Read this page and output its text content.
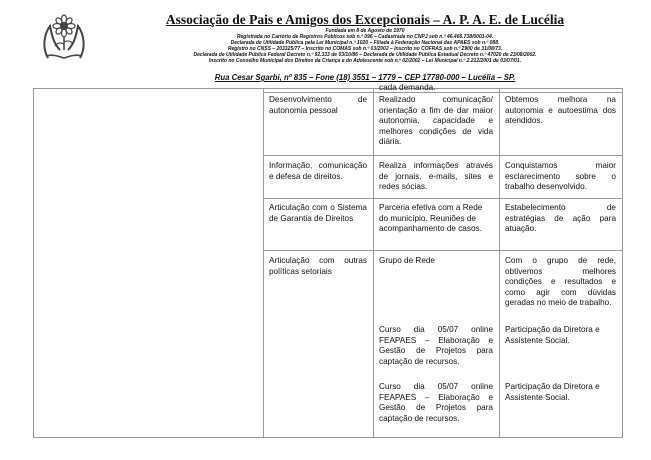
Associação de Pais e Amigos dos Excepcionais – A. P. A. E. de Lucélia
Fundada em 8 de Agosto de 1970
Registrada no Cartório de Registros Públicos sob n.º 096 – Cadastrada no CNPJ sob n.º 46.466.738/0001-04.
Declarada de Utilidade Pública pela Lei Municipal n.º 1020 – Filiada à Federação Nacional das APAES sob n.º 088.
Registro no CNSS – 203325/77 – Inscrito no COMAS sob n.º 03/2002 – Inscrito no COFRAS sob n.º 2900 de 31/08/73.
Declarada de Utilidade Pública Federal Decreto n.º 92.333 de 03/10/86 – Declarada de Utilidade Pública Estadual Decreto n.º 47020 de 23/08/2002.
Inscrito no Conselho Municipal dos Direitos da Criança e do Adolescente sob n.º 02/2002 – Lei Municipal n.º 2.212/2001 de 03/07/01.
Rua Cesar Sgarbi, nº 835 – Fone (18) 3551 – 1779 – CEP 17780-000 – Lucélia – SP.
cada demanda.
Desenvolvimento de autonomia pessoal
Realizado comunicação/ orientação a fim de dar maior autonomia, capacidade e melhores condições de vida diária.
Obtemos melhora na autonomia e autoestima dos atendidos.
Informação, comunicação e defesa de direitos.
Realiza informações através de jornais, e-mails, sites e redes sócias.
Conquistamos maior esclarecimento sobre o trabalho desenvolvido.
Articulação com o Sistema de Garantia de Direitos
Parceria efetiva com a Rede do município. Reuniões de acompanhamento de casos.
Estabelecimento de estratégias de ação para atuação.
Articulação com outras políticas setoriais
Grupo de Rede	Com o grupo de rede, obtivemos melhores condições e resultados e como agir com dúvidas geradas no meio de trabalho.
Curso dia 05/07 online FEAPAES – Elaboração e Gestão de Projetos para captação de recursos.
Participação da Diretora e Assistente Social.
Curso dia 05/07 online FEAPAES – Elaboração e Gestão de Projetos para captação de recursos.
Participação da Diretora e Assistente Social.
